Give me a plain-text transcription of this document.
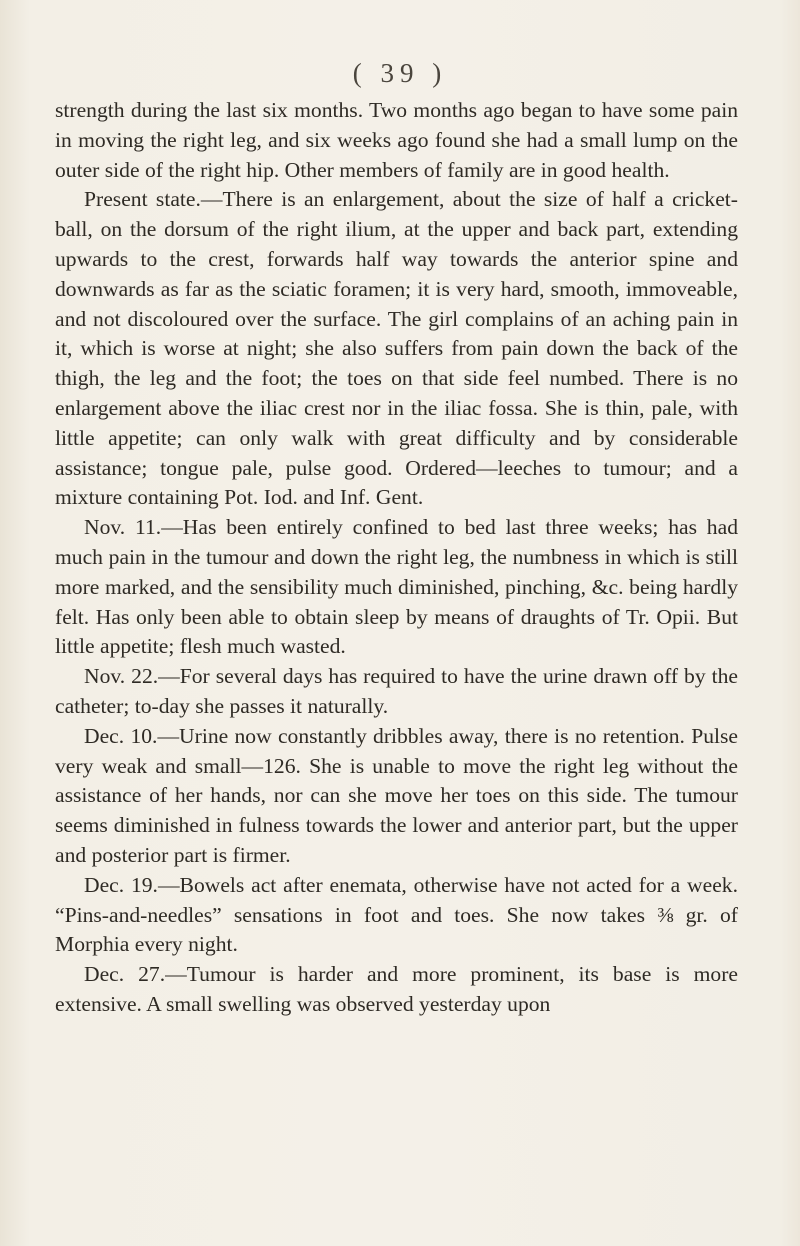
( 39 )

strength during the last six months. Two months ago began to have some pain in moving the right leg, and six weeks ago found she had a small lump on the outer side of the right hip. Other members of family are in good health.

Present state.—There is an enlargement, about the size of half a cricket-ball, on the dorsum of the right ilium, at the upper and back part, extending upwards to the crest, forwards half way towards the anterior spine and downwards as far as the sciatic foramen; it is very hard, smooth, immoveable, and not discoloured over the surface. The girl complains of an aching pain in it, which is worse at night; she also suffers from pain down the back of the thigh, the leg and the foot; the toes on that side feel numbed. There is no enlargement above the iliac crest nor in the iliac fossa. She is thin, pale, with little appetite; can only walk with great difficulty and by considerable assistance; tongue pale, pulse good. Ordered—leeches to tumour; and a mixture containing Pot. Iod. and Inf. Gent.

Nov. 11.—Has been entirely confined to bed last three weeks; has had much pain in the tumour and down the right leg, the numbness in which is still more marked, and the sensibility much diminished, pinching, &c. being hardly felt. Has only been able to obtain sleep by means of draughts of Tr. Opii. But little appetite; flesh much wasted.

Nov. 22.—For several days has required to have the urine drawn off by the catheter; to-day she passes it naturally.

Dec. 10.—Urine now constantly dribbles away, there is no retention. Pulse very weak and small—126. She is unable to move the right leg without the assistance of her hands, nor can she move her toes on this side. The tumour seems diminished in fulness towards the lower and anterior part, but the upper and posterior part is firmer.

Dec. 19.—Bowels act after enemata, otherwise have not acted for a week. “Pins-and-needles” sensations in foot and toes. She now takes ⅜ gr. of Morphia every night.

Dec. 27.—Tumour is harder and more prominent, its base is more extensive. A small swelling was observed yesterday upon
